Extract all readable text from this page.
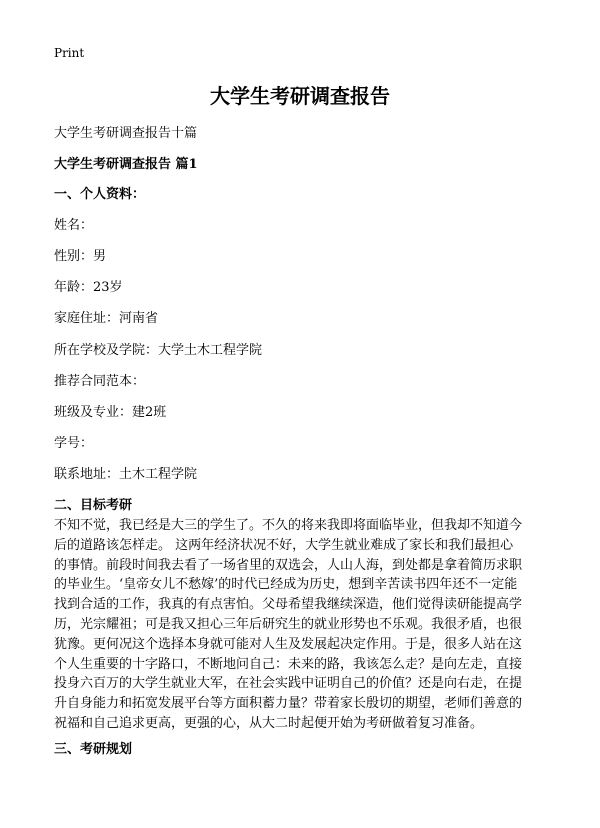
Print
大学生考研调查报告
大学生考研调查报告十篇
大学生考研调查报告 篇1
一、个人资料：
姓名：
性别：男
年龄：23岁
家庭住址：河南省
所在学校及学院：大学土木工程学院
推荐合同范本：
班级及专业：建2班
学号：
联系地址：土木工程学院
二、目标考研
不知不觉，我已经是大三的学生了。不久的将来我即将面临毕业，但我却不知道今
后的道路该怎样走。 这两年经济状况不好，大学生就业难成了家长和我们最担心
的事情。前段时间我去看了一场省里的双选会，人山人海，到处都是拿着简历求职
的毕业生。‘皇帝女儿不愁嫁’的时代已经成为历史，想到辛苦读书四年还不一定能
找到合适的工作，我真的有点害怕。父母希望我继续深造，他们觉得读研能提高学
历，光宗耀祖；可是我又担心三年后研究生的就业形势也不乐观。我很矛盾，也很
犹豫。更何况这个选择本身就可能对人生及发展起决定作用。于是，很多人站在这
个人生重要的十字路口，不断地问自己：未来的路，我该怎么走？是向左走，直接
投身六百万的大学生就业大军，在社会实践中证明自己的价值？还是向右走，在提
升自身能力和拓宽发展平台等方面积蓄力量？带着家长殷切的期望，老师们善意的
祝福和自己追求更高，更强的心，从大二时起便开始为考研做着复习准备。
三、考研规划
